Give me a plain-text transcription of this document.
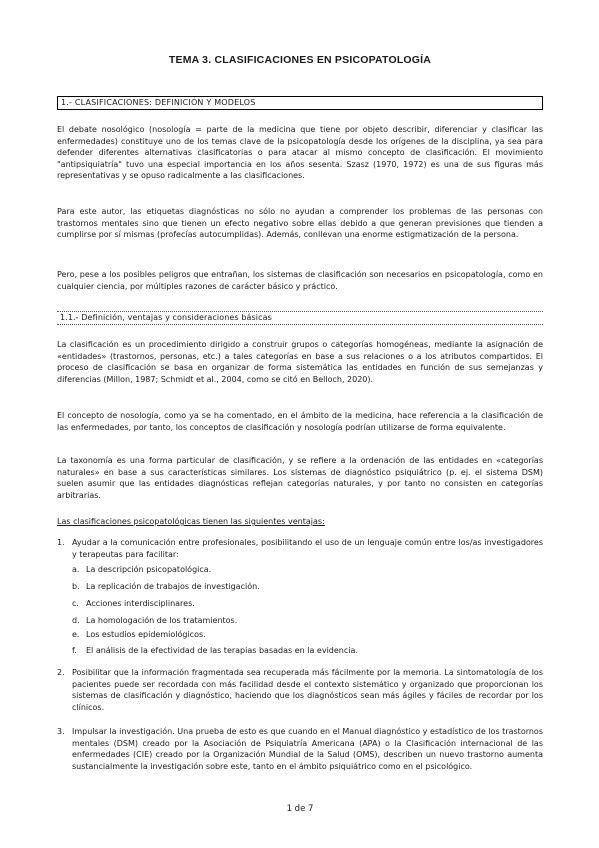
TEMA 3. CLASIFICACIONES EN PSICOPATOLOGÍA
1.- CLASIFICACIONES: DEFINICIÓN Y MODELOS

El debate nosológico (nosología = parte de la medicina que tiene por objeto describir, diferenciar y clasificar las enfermedades) constituye uno de los temas clave de la psicopatología desde los orígenes de la disciplina, ya sea para defender diferentes alternativas clasificatorias o para atacar al mismo concepto de clasificación. El movimiento "antipsiquiatría" tuvo una especial importancia en los años sesenta. Szasz (1970, 1972) es una de sus figuras más representativas y se opuso radicalmente a las clasificaciones.

Para este autor, las etiquetas diagnósticas no sólo no ayudan a comprender los problemas de las personas con trastornos mentales sino que tienen un efecto negativo sobre ellas debido a que generan previsiones que tienden a cumplirse por sí mismas (profecías autocumplidas). Además, conllevan una enorme estigmatización de la persona.

Pero, pese a los posibles peligros que entrañan, los sistemas de clasificación son necesarios en psicopatología, como en cualquier ciencia, por múltiples razones de carácter básico y práctico.

1.1.- Definición, ventajas y consideraciones básicas

La clasificación es un procedimiento dirigido a construir grupos o categorías homogéneas, mediante la asignación de «entidades» (trastornos, personas, etc.) a tales categorías en base a sus relaciones o a los atributos compartidos. El proceso de clasificación se basa en organizar de forma sistemática las entidades en función de sus semejanzas y diferencias (Millon, 1987; Schmidt et al., 2004, como se citó en Belloch, 2020).

El concepto de nosología, como ya se ha comentado, en el ámbito de la medicina, hace referencia a la clasificación de las enfermedades, por tanto, los conceptos de clasificación y nosología podrían utilizarse de forma equivalente.

La taxonomía es una forma particular de clasificación, y se refiere a la ordenación de las entidades en «categorías naturales» en base a sus características similares. Los sistemas de diagnóstico psiquiátrico (p. ej. el sistema DSM) suelen asumir que las entidades diagnósticas reflejan categorías naturales, y por tanto no consisten en categorías arbitrarias.

Las clasificaciones psicopatológicas tienen las siguientes ventajas:
1. Ayudar a la comunicación entre profesionales, posibilitando el uso de un lenguaje común entre los/as investigadores y terapeutas para facilitar:

a. La descripción psicopatológica.
b. La replicación de trabajos de investigación.
c. Acciones interdisciplinares.
d. La homologación de los tratamientos.
e. Los estudios epidemiológicos.
f. El análisis de la efectividad de las terapias basadas en la evidencia.
2. Posibilitar que la información fragmentada sea recuperada más fácilmente por la memoria. La sintomatología de los pacientes puede ser recordada con más facilidad desde el contexto sistemático y organizado que proporcionan los sistemas de clasificación y diagnóstico, haciendo que los diagnósticos sean más ágiles y fáciles de recordar por los clínicos.

3. Impulsar la investigación. Una prueba de esto es que cuando en el Manual diagnóstico y estadístico de los trastornos mentales (DSM) creado por la Asociación de Psiquiatría Americana (APA) o la Clasificación internacional de las enfermedades (CIE) creado por la Organización Mundial de la Salud (OMS), describen un nuevo trastorno aumenta sustancialmente la investigación sobre este, tanto en el ámbito psiquiátrico como en el psicológico.

1 de 7
